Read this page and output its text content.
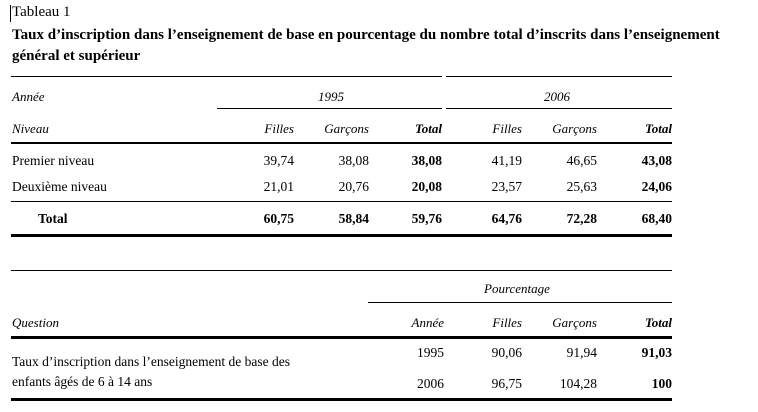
Tableau 1
Taux d’inscription dans l’enseignement de base en pourcentage du nombre total d’inscrits dans l’enseignement général et supérieur
Année	1995	2006
Niveau	Filles	Garçons	Total	Filles	Garçons	Total
Premier niveau	39,74	38,08	38,08	41,19	46,65	43,08
Deuxième niveau	21,01	20,76	20,08	23,57	25,63	24,06
Total	60,75	58,84	59,76	64,76	72,28	68,40
Pourcentage
Question	Année	Filles	Garçons	Total
Taux d’inscription dans l’enseignement de base des
enfants âgés de 6 à 14 ans
1995	90,06	91,94	91,03
2006	96,75	104,28	100
